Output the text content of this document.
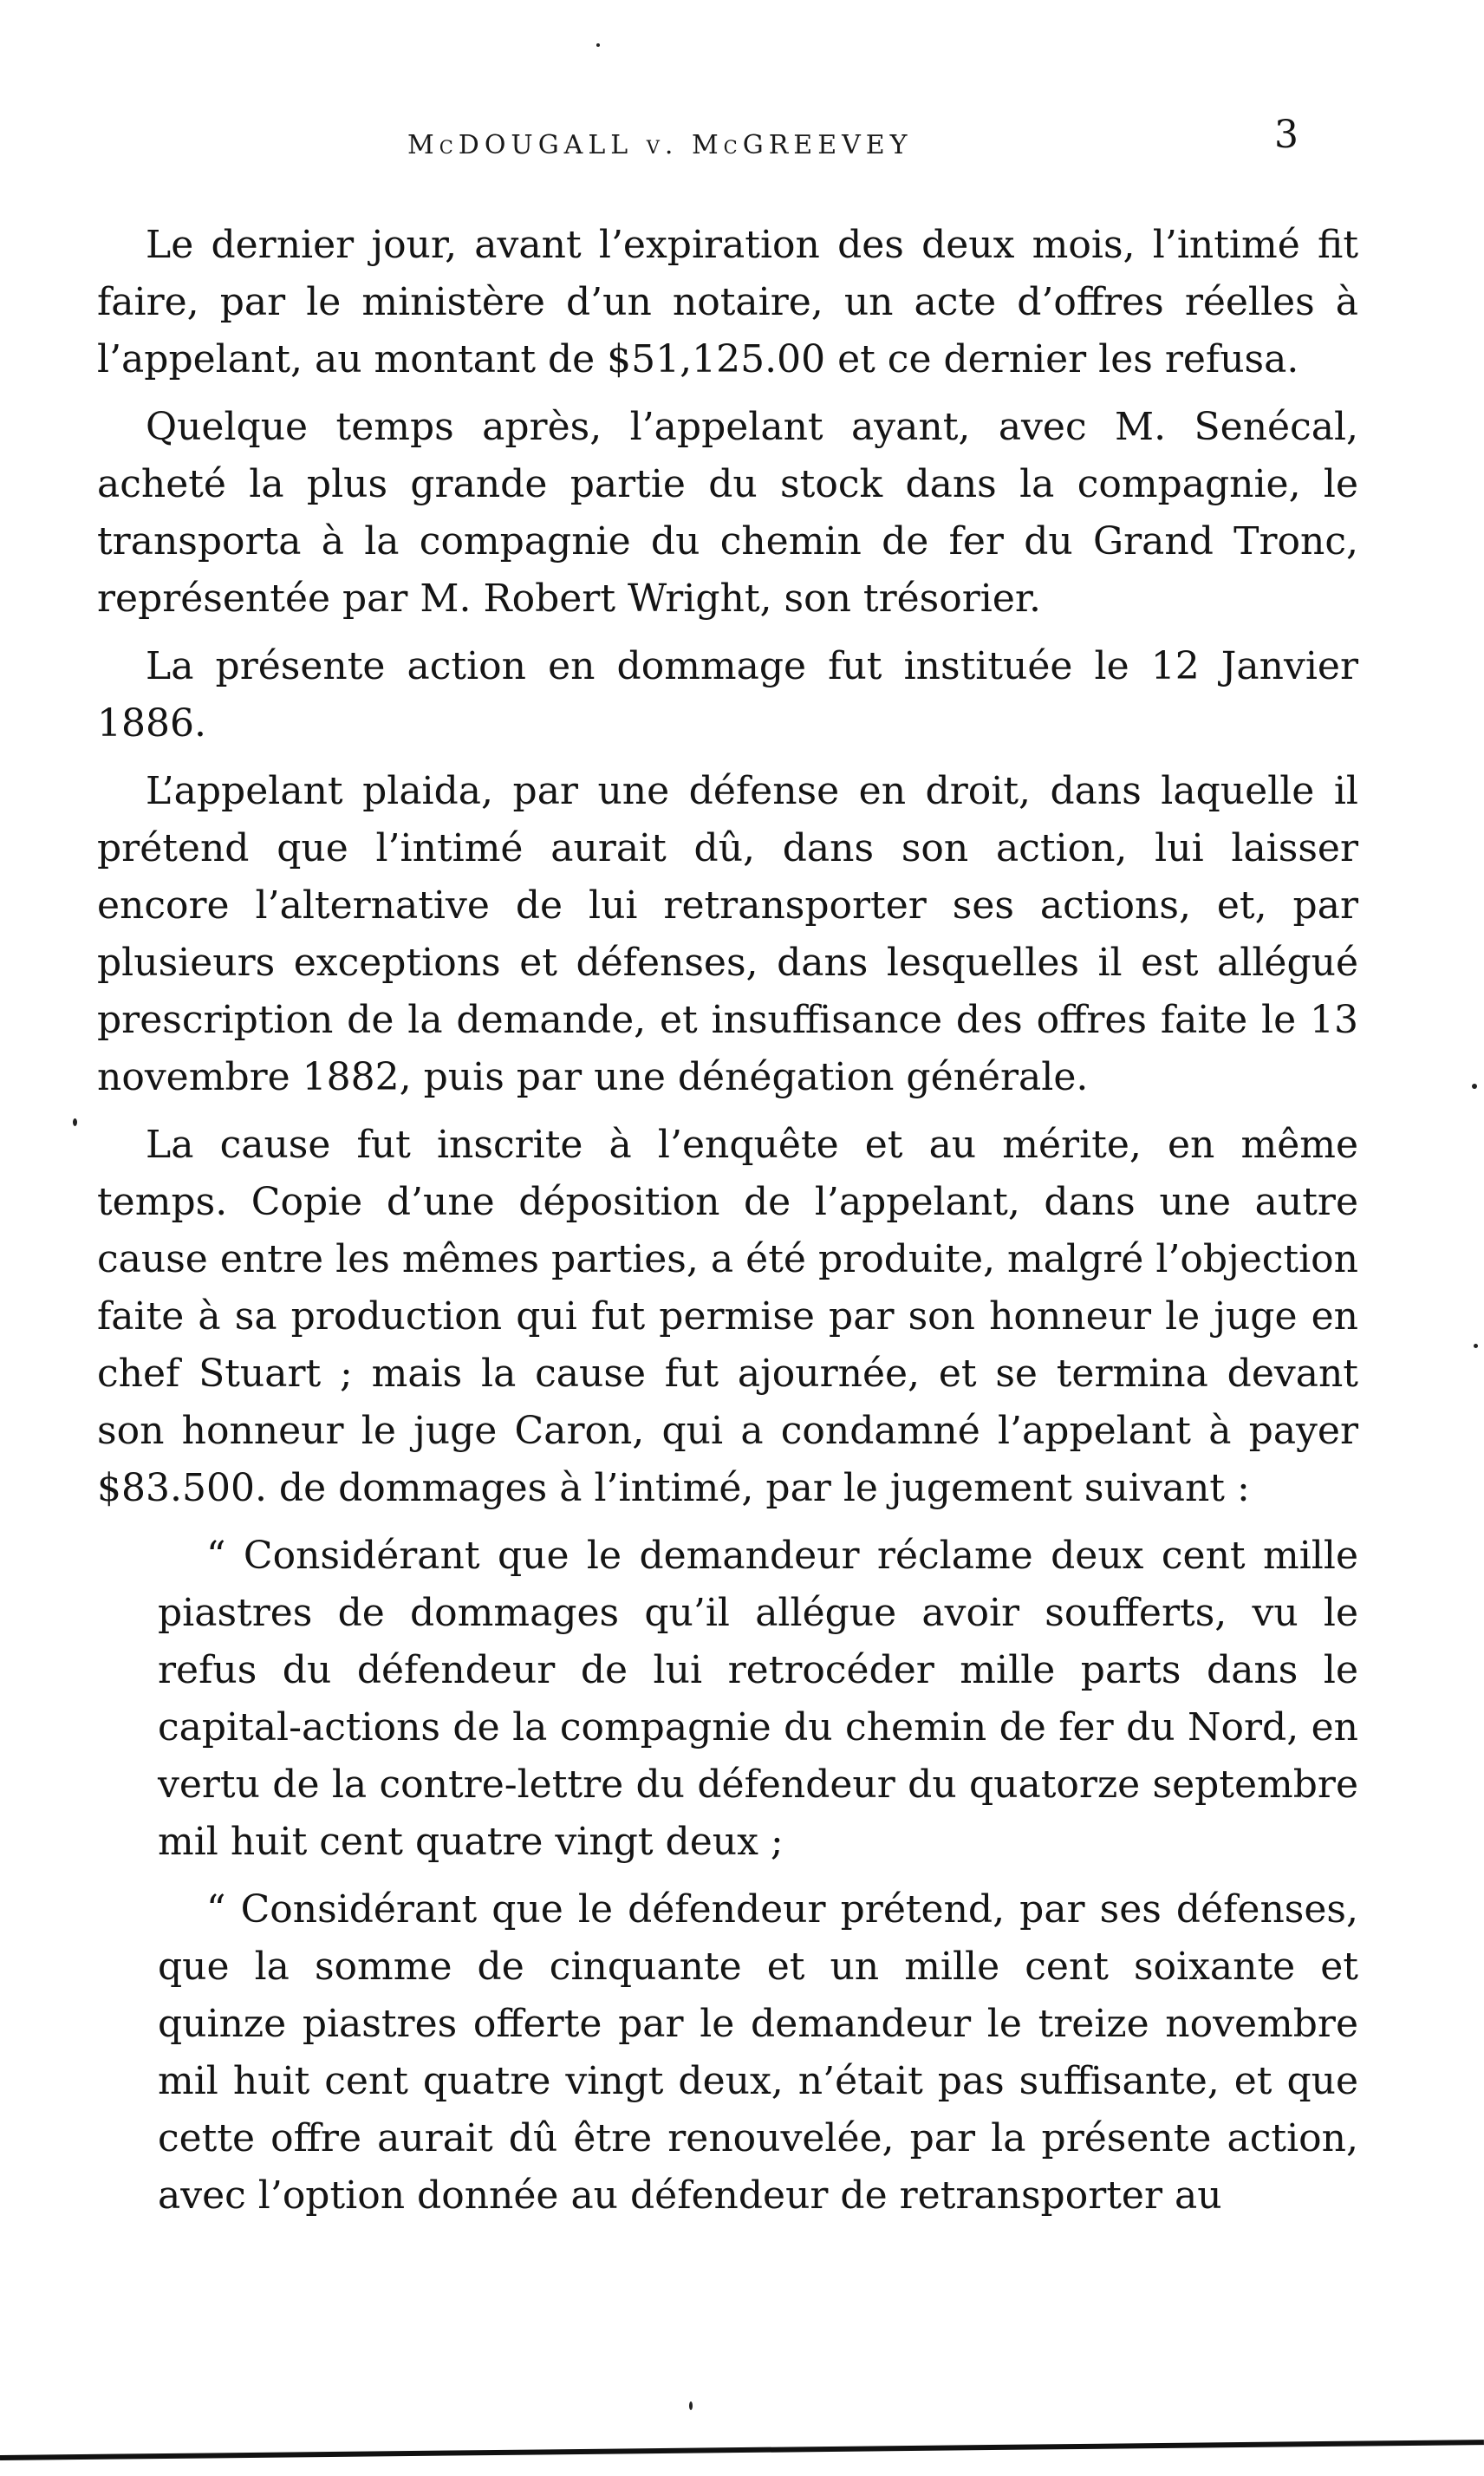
McDOUGALL v. McGREEVEY	3

Le dernier jour, avant l’expiration des deux mois, l’intimé fit faire, par le ministère d’un notaire, un acte d’offres réelles à l’appelant, au montant de $51,125.00 et ce dernier les refusa.

Quelque temps après, l’appelant ayant, avec M. Senécal, acheté la plus grande partie du stock dans la compagnie, le transporta à la compagnie du chemin de fer du Grand Tronc, représentée par M. Robert Wright, son trésorier.

La présente action en dommage fut instituée le 12 Janvier 1886.

L’appelant plaida, par une défense en droit, dans laquelle il prétend que l’intimé aurait dû, dans son action, lui laisser encore l’alternative de lui retransporter ses actions, et, par plusieurs exceptions et défenses, dans lesquelles il est allégué prescription de la demande, et insuffisance des offres faite le 13 novembre 1882, puis par une dénégation générale.

La cause fut inscrite à l’enquête et au mérite, en même temps. Copie d’une déposition de l’appelant, dans une autre cause entre les mêmes parties, a été produite, malgré l’objection faite à sa production qui fut permise par son honneur le juge en chef Stuart ; mais la cause fut ajournée, et se termina devant son honneur le juge Caron, qui a condamné l’appelant à payer $83.500. de dommages à l’intimé, par le jugement suivant :

“ Considérant que le demandeur réclame deux cent mille piastres de dommages qu’il allégue avoir soufferts, vu le refus du défendeur de lui retrocéder mille parts dans le capital-actions de la compagnie du chemin de fer du Nord, en vertu de la contre-lettre du défendeur du quatorze septembre mil huit cent quatre vingt deux ;

“ Considérant que le défendeur prétend, par ses défenses, que la somme de cinquante et un mille cent soixante et quinze piastres offerte par le demandeur le treize novembre mil huit cent quatre vingt deux, n’était pas suffisante, et que cette offre aurait dû être renouvelée, par la présente action, avec l’option donnée au défendeur de retransporter au
